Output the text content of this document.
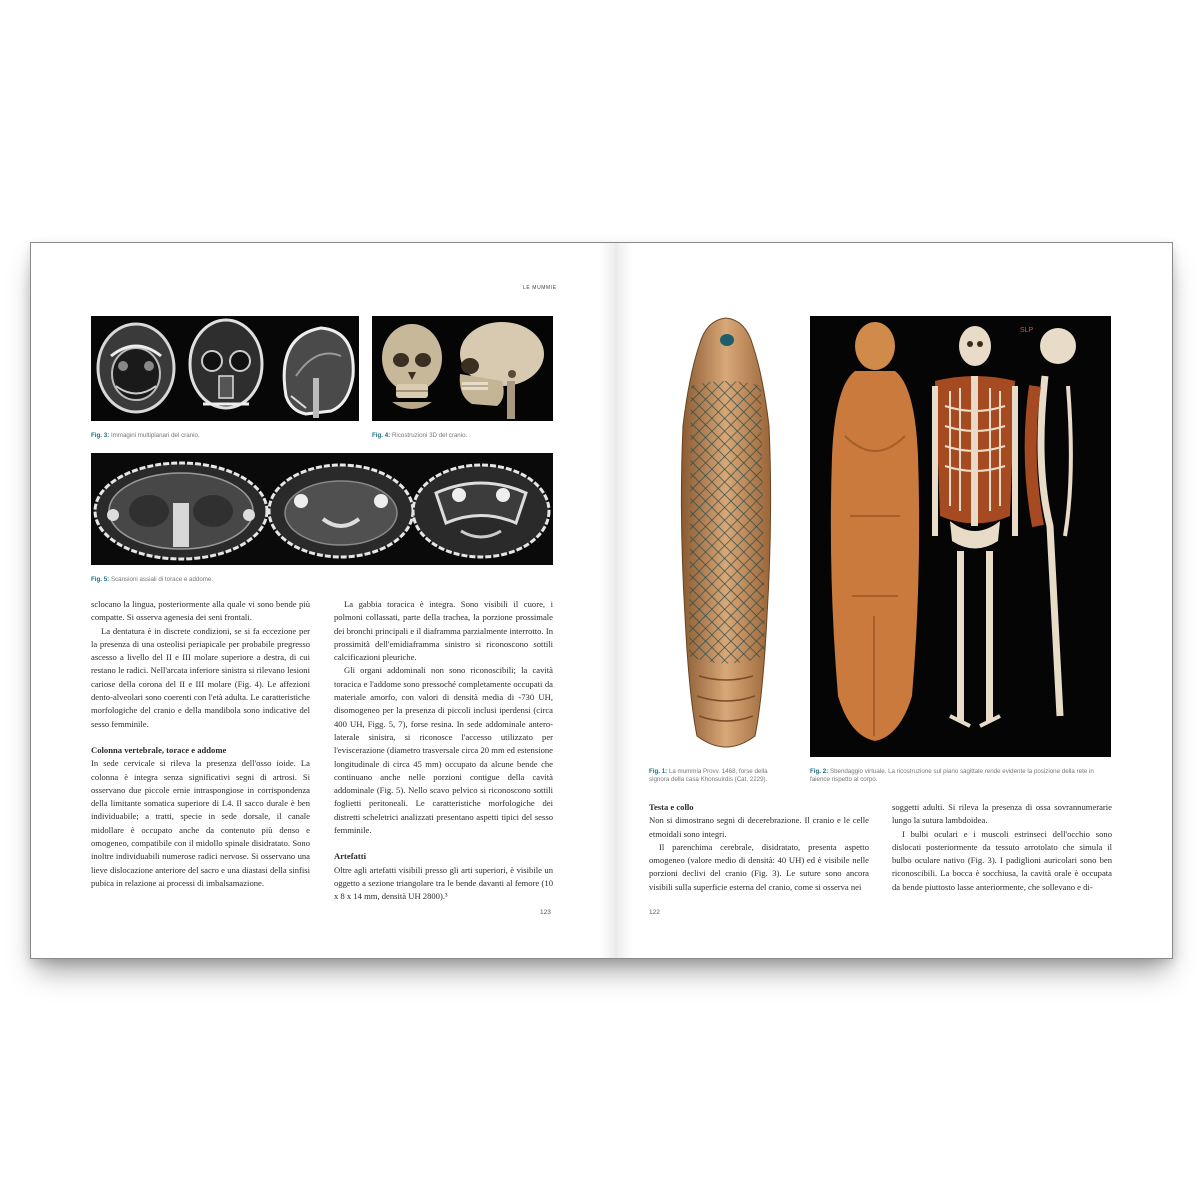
LE MUMMIE
Fig. 3: Immagini multiplanari del cranio.	Fig. 4: Ricostruzioni 3D del cranio.
Fig. 5: Scansioni assiali di torace e addome.

sclocano la lingua, posteriormente alla quale vi sono bende più compatte. Si osserva agenesia dei seni frontali.

La dentatura è in discrete condizioni, se si fa eccezione per la presenza di una osteolisi periapicale per probabile pregresso ascesso a livello del II e III molare superiore a destra, di cui restano le radici. Nell'arcata inferiore sinistra si rilevano lesioni cariose della corona del II e III molare (Fig. 4). Le affezioni dento-alveolari sono coerenti con l'età adulta. Le caratteristiche morfologiche del cranio e della mandibola sono indicative del sesso femminile.

Colonna vertebrale, torace e addome

In sede cervicale si rileva la presenza dell'osso ioide. La colonna è integra senza significativi segni di artrosi. Si osservano due piccole ernie intraspongiose in corrispondenza della limitante somatica superiore di L4. Il sacco durale è ben individuabile; a tratti, specie in sede dorsale, il canale midollare è occupato anche da contenuto più denso e omogeneo, compatibile con il midollo spinale disidratato. Sono inoltre individuabili numerose radici nervose. Si osservano una lieve dislocazione anteriore del sacro e una diastasi della sinfisi pubica in relazione ai processi di imbalsamazione.

La gabbia toracica è integra. Sono visibili il cuore, i polmoni collassati, parte della trachea, la porzione prossimale dei bronchi principali e il diaframma parzialmente interrotto. In prossimità dell'emidiaframma sinistro si riconoscono sottili calcificazioni pleuriche.

Gli organi addominali non sono riconoscibili; la cavità toracica e l'addome sono pressoché completamente occupati da materiale amorfo, con valori di densità media di -730 UH, disomogeneo per la presenza di piccoli inclusi iperdensi (circa 400 UH, Figg. 5, 7), forse resina. In sede addominale antero-laterale sinistra, si riconosce l'accesso utilizzato per l'eviscerazione (diametro trasversale circa 20 mm ed estensione longitudinale di circa 45 mm) occupato da alcune bende che continuano anche nelle porzioni contigue della cavità addominale (Fig. 5). Nello scavo pelvico si riconoscono sottili foglietti peritoneali. Le caratteristiche morfologiche dei distretti scheletrici analizzati presentano aspetti tipici del sesso femminile.

Artefatti

Oltre agli artefatti visibili presso gli arti superiori, è visibile un oggetto a sezione triangolare tra le bende davanti al femore (10 x 8 x 14 mm, densità UH 2800).³

123
Fig. 1: La mummia Provv. 1468, forse della signora della casa Khonsuirdis (Cat. 2229).
SLP
Fig. 2: Sbendaggio virtuale. La ricostruzione sul piano sagittale rende evidente la posizione della rete in faience rispetto al corpo.
Testa e collo

Non si dimostrano segni di decerebrazione. Il cranio e le celle etmoidali sono integri.

Il parenchima cerebrale, disidratato, presenta aspetto omogeneo (valore medio di densità: 40 UH) ed è visibile nelle porzioni declivi del cranio (Fig. 3). Le suture sono ancora visibili sulla superficie esterna del cranio, come si osserva nei

soggetti adulti. Si rileva la presenza di ossa sovrannumerarie lungo la sutura lambdoidea.

I bulbi oculari e i muscoli estrinseci dell'occhio sono dislocati posteriormente da tessuto arrotolato che simula il bulbo oculare nativo (Fig. 3). I padiglioni auricolari sono ben riconoscibili. La bocca è socchiusa, la cavità orale è occupata da bende piuttosto lasse anteriormente, che sollevano e di-

122
